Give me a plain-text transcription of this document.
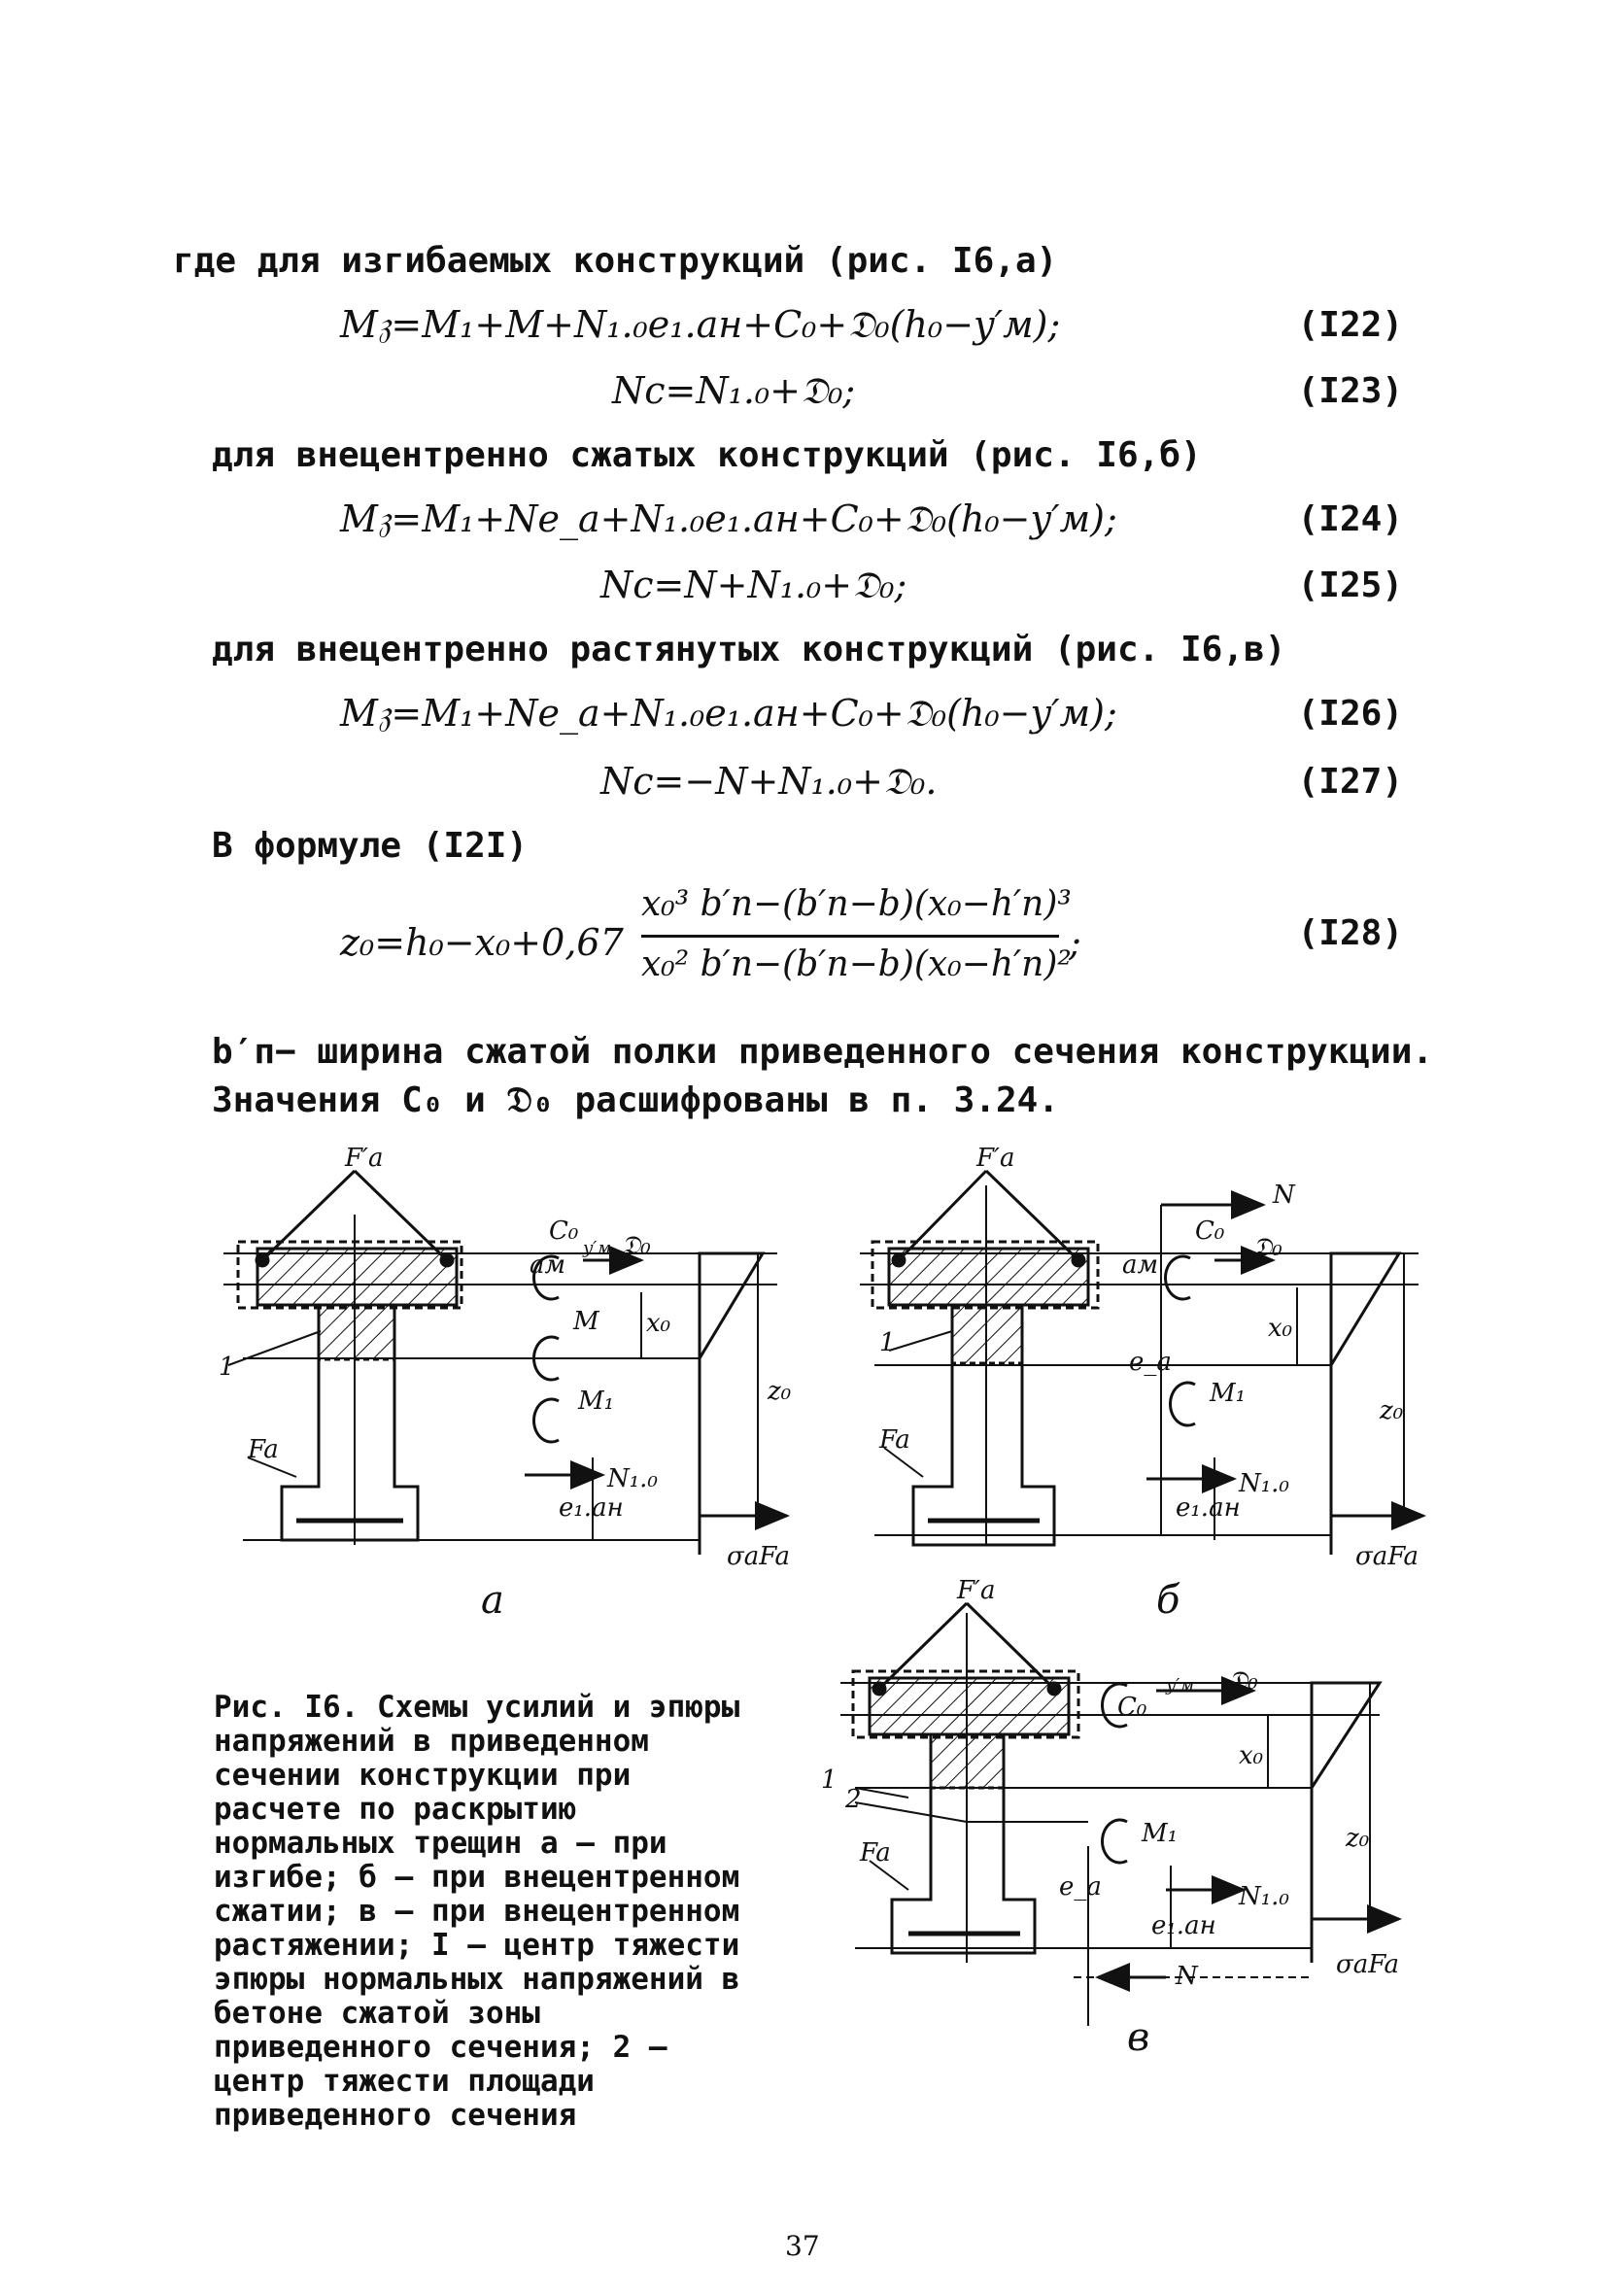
где для изгибаемых конструкций (рис. I6,а)
M𝔷=M₁+M+N₁.₀e₁.ан+C₀+𝔇₀(h₀−y′м);	(I22)
Nc=N₁.₀+𝔇₀;	(I23)
для внецентренно сжатых конструкций (рис. I6,б)
M𝔷=M₁+Ne_a+N₁.₀e₁.ан+C₀+𝔇₀(h₀−y′м);	(I24)
Nc=N+N₁.₀+𝔇₀;	(I25)
для внецентренно растянутых конструкций (рис. I6,в)
M𝔷=M₁+Ne_a+N₁.₀e₁.ан+C₀+𝔇₀(h₀−y′м);	(I26)
Nc=−N+N₁.₀+𝔇₀.	(I27)
В формуле (I2I)
z₀=h₀−x₀+0,67
x₀³ b′п−(b′п−b)(x₀−h′п)³
x₀² b′п−(b′п−b)(x₀−h′п)²
;	(I28)
b′п− ширина сжатой полки приведенного сечения конструкции.
Значения C₀ и 𝔇₀ расшифрованы в п. 3.24.
F′a
Fa
1
C₀ 𝔇₀
M
M₁
N₁.₀
x₀
z₀
e₁.ан
aм
y′м
σaFa
а
F′a
Fa
1
C₀
𝔇₀
N
M₁
N₁.₀
x₀
z₀
e_a
e₁.ан
aм
σaFa
б
F′a
Fa
1
2
C₀
𝔇₀
M₁
N₁.₀
N
x₀
z₀
e_a
e₁.ан
y′м
σaFa
в
Рис. I6. Схемы усилий и эпюры напряжений в приведенном сечении конструкции при расчете по раскрытию нормальных трещин а – при изгибе; б – при внецентренном сжатии; в – при внецентренном растяжении; I – центр тяжести эпюры нормальных напряжений в бетоне сжатой зоны приведенного сечения; 2 – центр тяжести площади приведенного сечения
37
